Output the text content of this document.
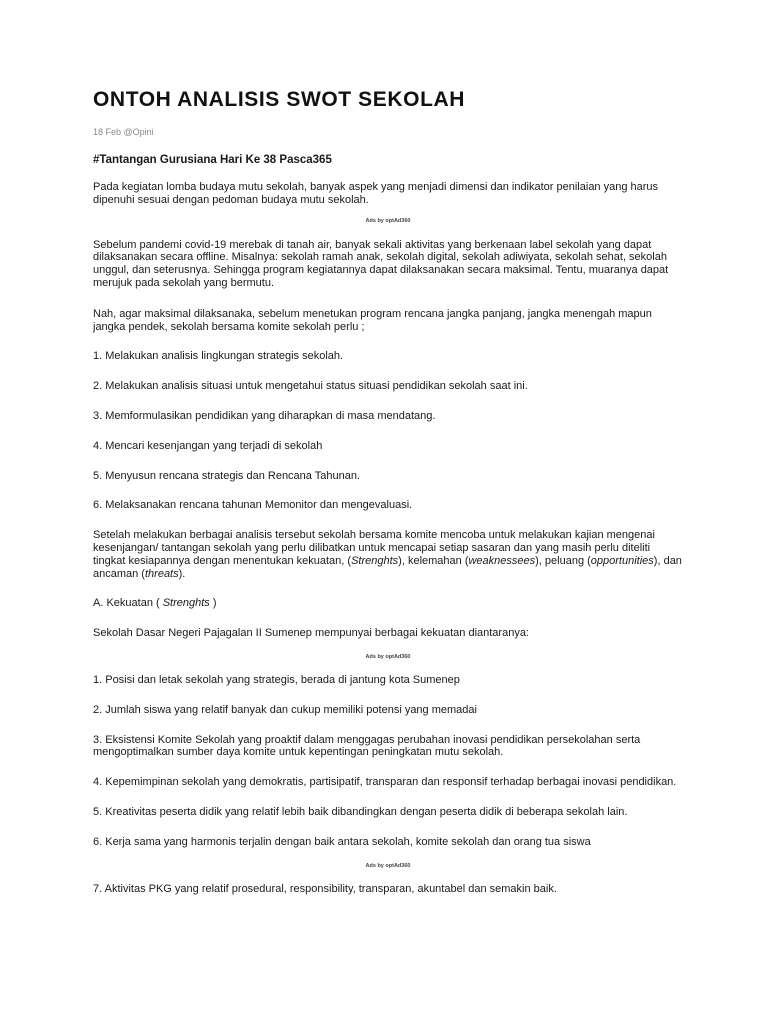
ONTOH ANALISIS SWOT SEKOLAH
18 Feb @Opini
#Tantangan Gurusiana Hari Ke 38 Pasca365

Pada kegiatan lomba budaya mutu sekolah, banyak aspek yang menjadi dimensi dan indikator penilaian yang harus dipenuhi sesuai dengan pedoman budaya mutu sekolah.

Ads by optAd360

Sebelum pandemi covid-19 merebak di tanah air, banyak sekali aktivitas yang berkenaan label sekolah yang dapat dilaksanakan secara offline. Misalnya: sekolah ramah anak, sekolah digital, sekolah adiwiyata, sekolah sehat, sekolah unggul, dan seterusnya. Sehingga program kegiatannya dapat dilaksanakan secara maksimal. Tentu, muaranya dapat merujuk pada sekolah yang bermutu.

Nah, agar maksimal dilaksanaka, sebelum menetukan program rencana jangka panjang, jangka menengah mapun jangka pendek, sekolah bersama komite sekolah perlu ;

1. Melakukan analisis lingkungan strategis sekolah.

2. Melakukan analisis situasi untuk mengetahui status situasi pendidikan sekolah saat ini.

3. Memformulasikan pendidikan yang diharapkan di masa mendatang.

4. Mencari kesenjangan yang terjadi di sekolah

5. Menyusun rencana strategis dan Rencana Tahunan.

6. Melaksanakan rencana tahunan Memonitor dan mengevaluasi.

Setelah melakukan berbagai analisis tersebut sekolah bersama komite mencoba untuk melakukan kajian mengenai kesenjangan/ tantangan sekolah yang perlu dilibatkan untuk mencapai setiap sasaran dan yang masih perlu diteliti tingkat kesiapannya dengan menentukan kekuatan, (Strenghts), kelemahan (weaknessees), peluang (opportunities), dan ancaman (threats).

A. Kekuatan ( Strenghts )

Sekolah Dasar Negeri Pajagalan II Sumenep mempunyai berbagai kekuatan diantaranya:

Ads by optAd360

1. Posisi dan letak sekolah yang strategis, berada di jantung kota Sumenep

2. Jumlah siswa yang relatif banyak dan cukup memiliki potensi yang memadai

3. Eksistensi Komite Sekolah yang proaktif dalam menggagas perubahan inovasi pendidikan persekolahan serta mengoptimalkan sumber daya komite untuk kepentingan peningkatan mutu sekolah.

4. Kepemimpinan sekolah yang demokratis, partisipatif, transparan dan responsif terhadap berbagai inovasi pendidikan.

5. Kreativitas peserta didik yang relatif lebih baik dibandingkan dengan peserta didik di beberapa sekolah lain.

6. Kerja sama yang harmonis terjalin dengan baik antara sekolah, komite sekolah dan orang tua siswa

Ads by optAd360

7. Aktivitas PKG yang relatif prosedural, responsibility, transparan, akuntabel dan semakin baik.
